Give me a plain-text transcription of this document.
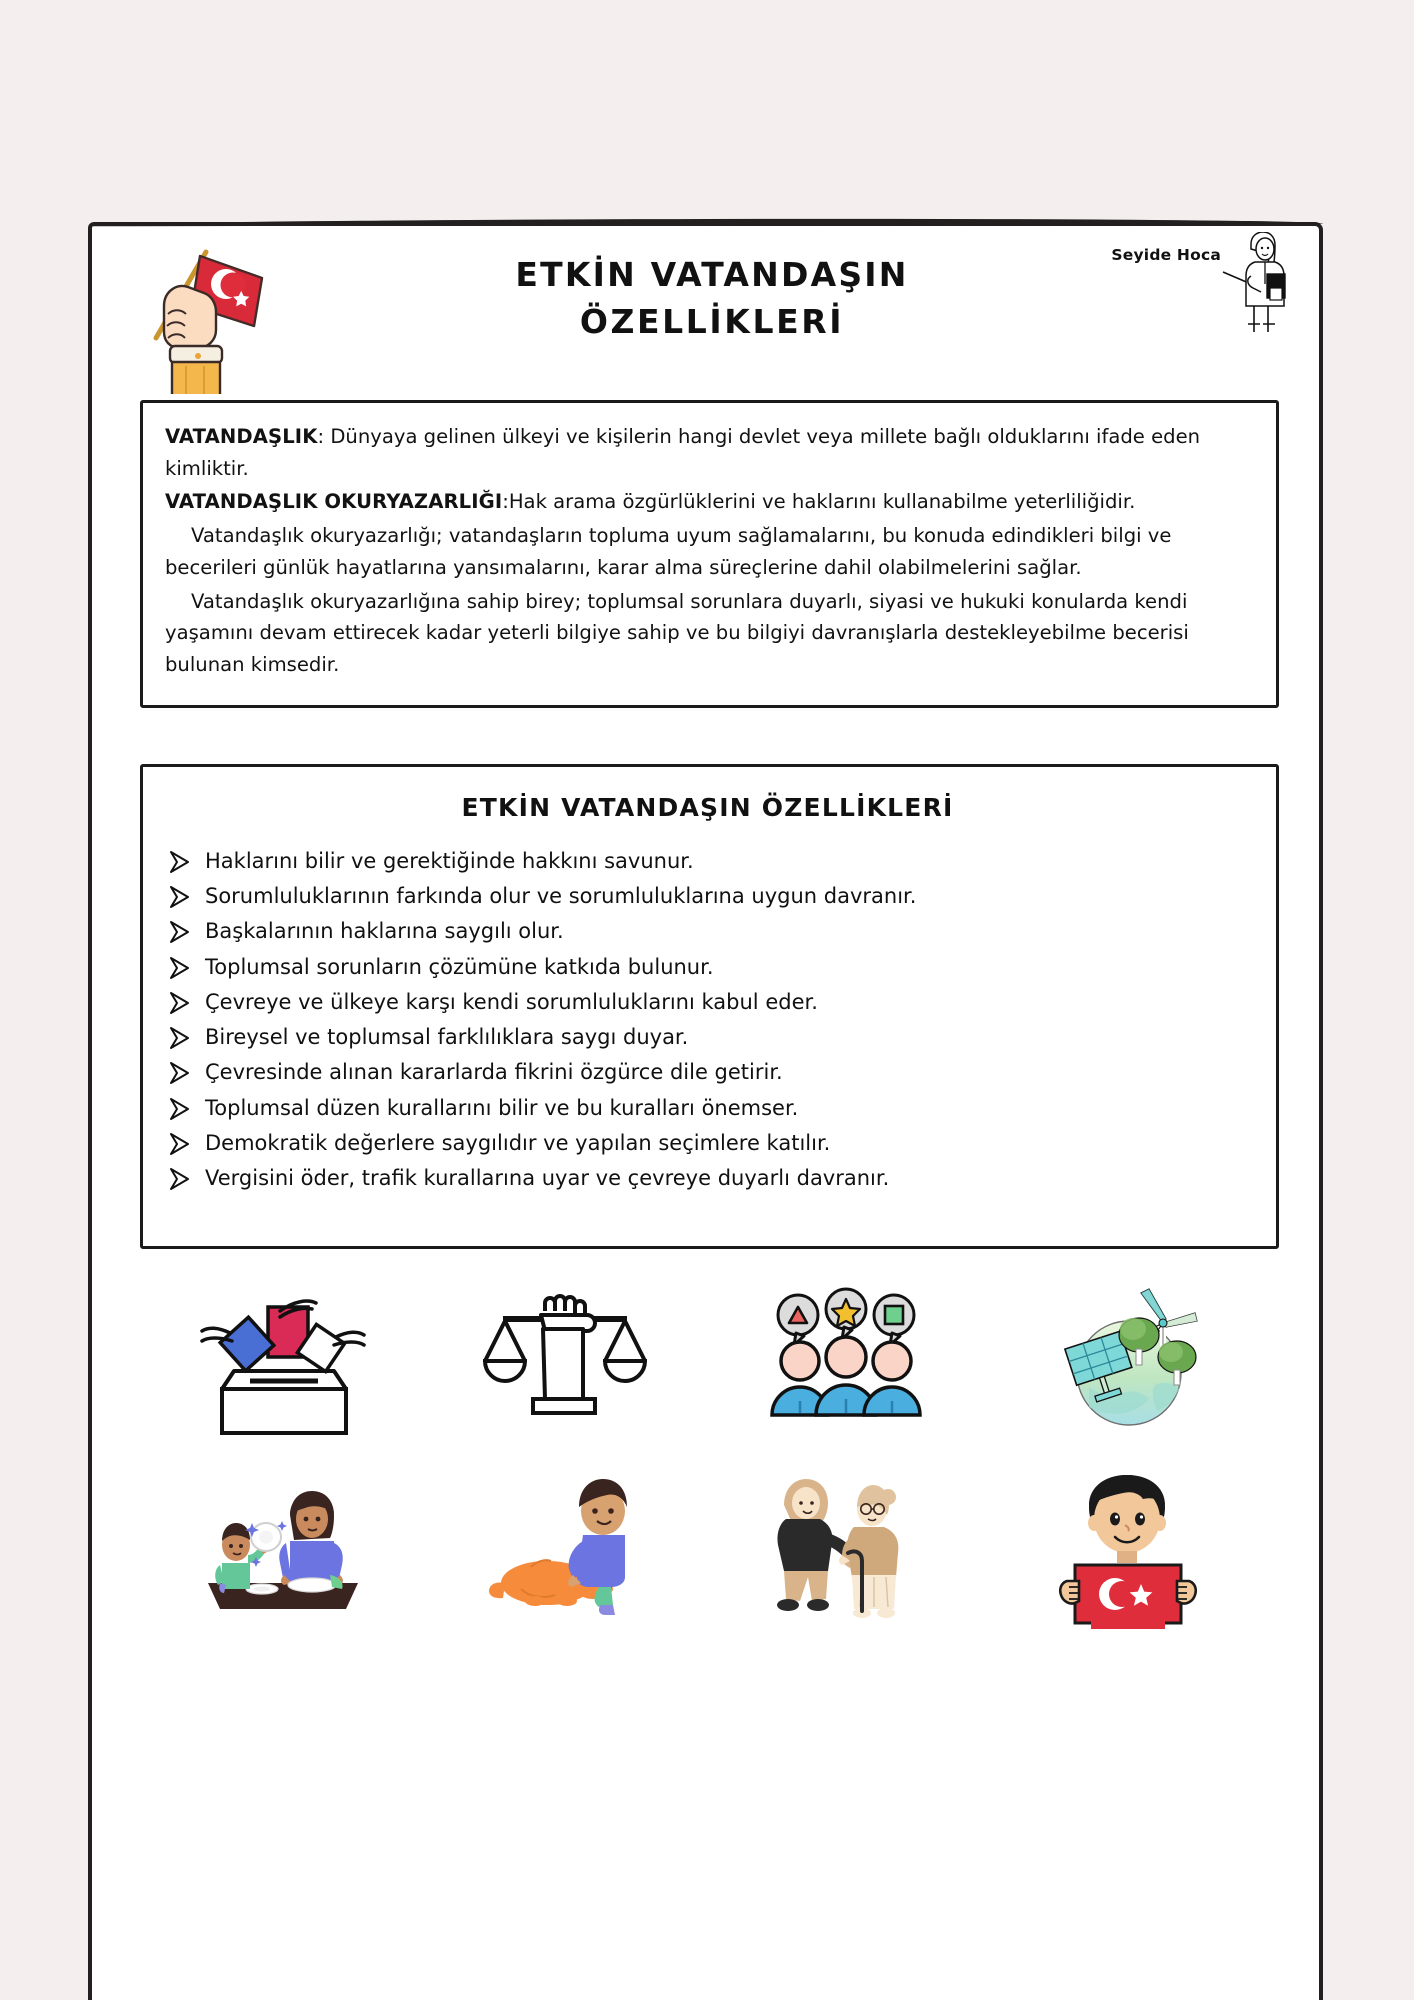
ETKİN VATANDAŞIN
ÖZELLİKLERİ
Seyide Hoca

VATANDAŞLIK: Dünyaya gelinen ülkeyi ve kişilerin hangi devlet veya millete bağlı olduklarını ifade eden kimliktir.

VATANDAŞLIK OKURYAZARLIĞI:Hak arama özgürlüklerini ve haklarını kullanabilme yeterliliğidir.

Vatandaşlık okuryazarlığı; vatandaşların topluma uyum sağlamalarını, bu konuda edindikleri bilgi ve becerileri günlük hayatlarına yansımalarını, karar alma süreçlerine dahil olabilmelerini sağlar.

Vatandaşlık okuryazarlığına sahip birey; toplumsal sorunlara duyarlı, siyasi ve hukuki konularda kendi yaşamını devam ettirecek kadar yeterli bilgiye sahip ve bu bilgiyi davranışlarla destekleyebilme becerisi bulunan kimsedir.

ETKİN VATANDAŞIN ÖZELLİKLERİ
Haklarını bilir ve gerektiğinde hakkını savunur.
Sorumluluklarının farkında olur ve sorumluluklarına uygun davranır.
Başkalarının haklarına saygılı olur.
Toplumsal sorunların çözümüne katkıda bulunur.
Çevreye ve ülkeye karşı kendi sorumluluklarını kabul eder.
Bireysel ve toplumsal farklılıklara saygı duyar.
Çevresinde alınan kararlarda fikrini özgürce dile getirir.
Toplumsal düzen kurallarını bilir ve bu kuralları önemser.
Demokratik değerlere saygılıdır ve yapılan seçimlere katılır.
Vergisini öder, trafik kurallarına uyar ve çevreye duyarlı davranır.
